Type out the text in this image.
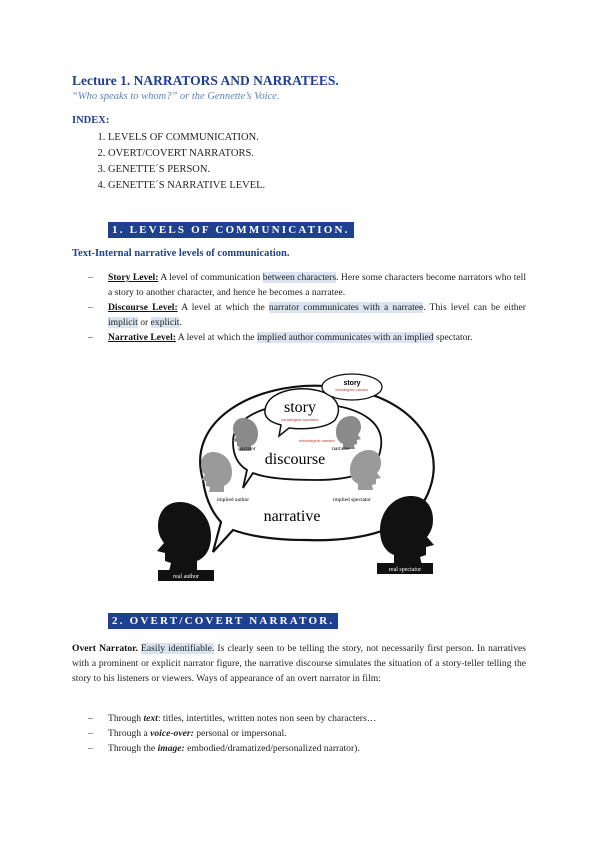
Lecture 1. NARRATORS AND NARRATEES.
“Who speaks to whom?” or the Gennette’s Voice.
INDEX:
1. LEVELS OF COMMUNICATION.
2. OVERT/COVERT NARRATORS.
3. GENETTE´S PERSON.
4. GENETTE´S NARRATIVE LEVEL.
1. LEVELS OF COMMUNICATION.
Text-Internal narrative levels of communication.
– Story Level: A level of communication between characters. Here some characters become narrators who tell a story to another character, and hence he becomes a narratee.
– Discourse Level: A level at which the narrator communicates with a narratee. This level can be either implicit or explicit.
– Narrative Level: A level at which the implied author communicates with an implied spectator.
story
intradiegetic narrator
story
intradiegetic spectator
extradiegetic narrator
narrator	narratee
discourse
implied author	implied spectator
narrative
real author
real spectator
2. OVERT/COVERT NARRATOR.
Overt Narrator. Easily identifiable. Is clearly seen to be telling the story, not necessarily first person. In narratives with a prominent or explicit narrator figure, the narrative discourse simulates the situation of a story-teller telling the story to his listeners or viewers. Ways of appearance of an overt narrator in film:
– Through text: titles, intertitles, written notes non seen by characters…
– Through a voice-over: personal or impersonal.
– Through the image: embodied/dramatized/personalized narrator).
